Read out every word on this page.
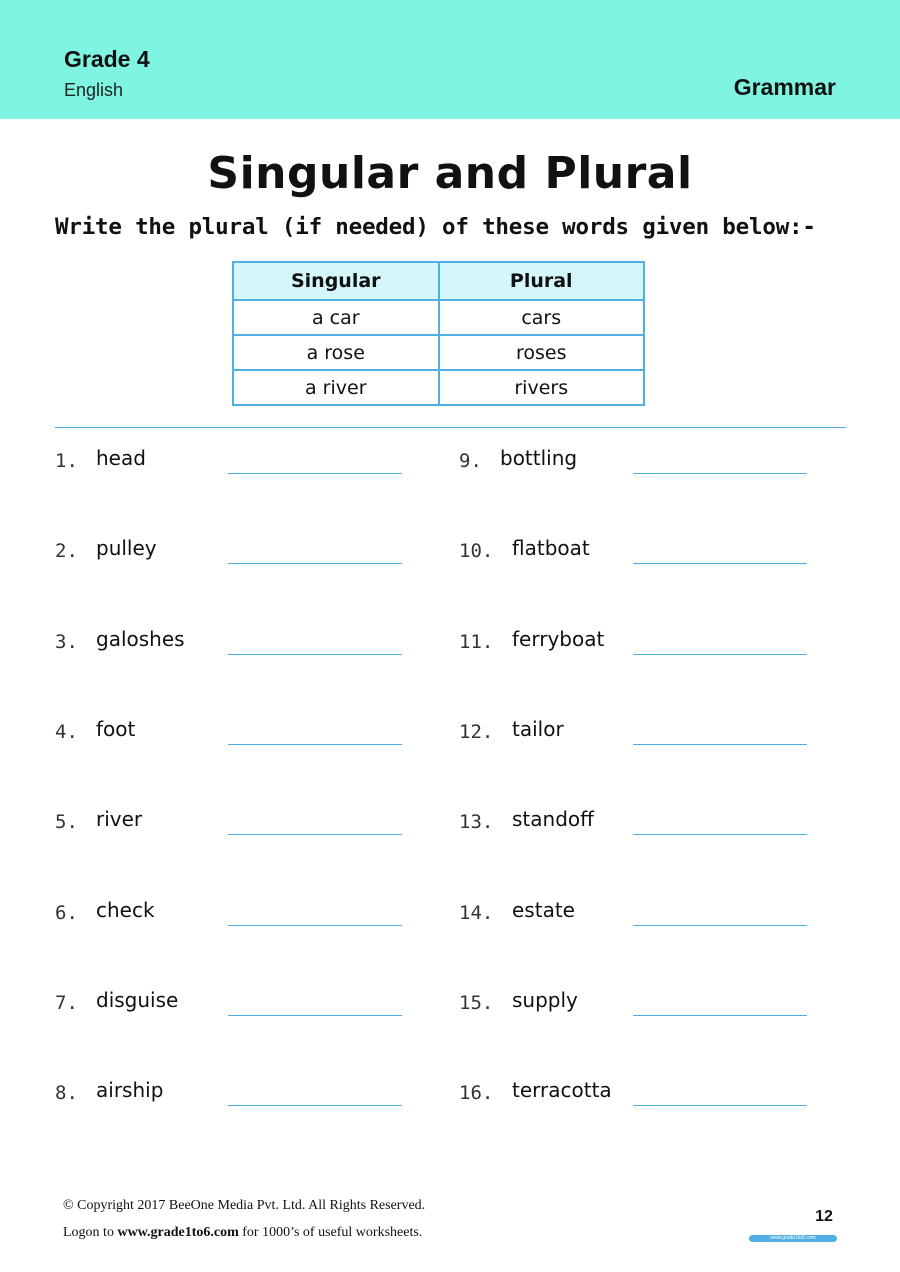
Grade 4
English	Grammar
Singular and Plural
Write the plural (if needed) of these words given below:-
Singular	Plural
a car	cars
a rose	roses
a river	rivers
1. head
2. pulley
3. galoshes
4. foot
5. river
6. check
7. disguise
8. airship
9. bottling
10. flatboat
11. ferryboat
12. tailor
13. standoff
14. estate
15. supply
16. terracotta
© Copyright 2017 BeeOne Media Pvt. Ltd. All Rights Reserved.
Logon to www.grade1to6.com for 1000’s of useful worksheets.
12
www.grade1to6.com
